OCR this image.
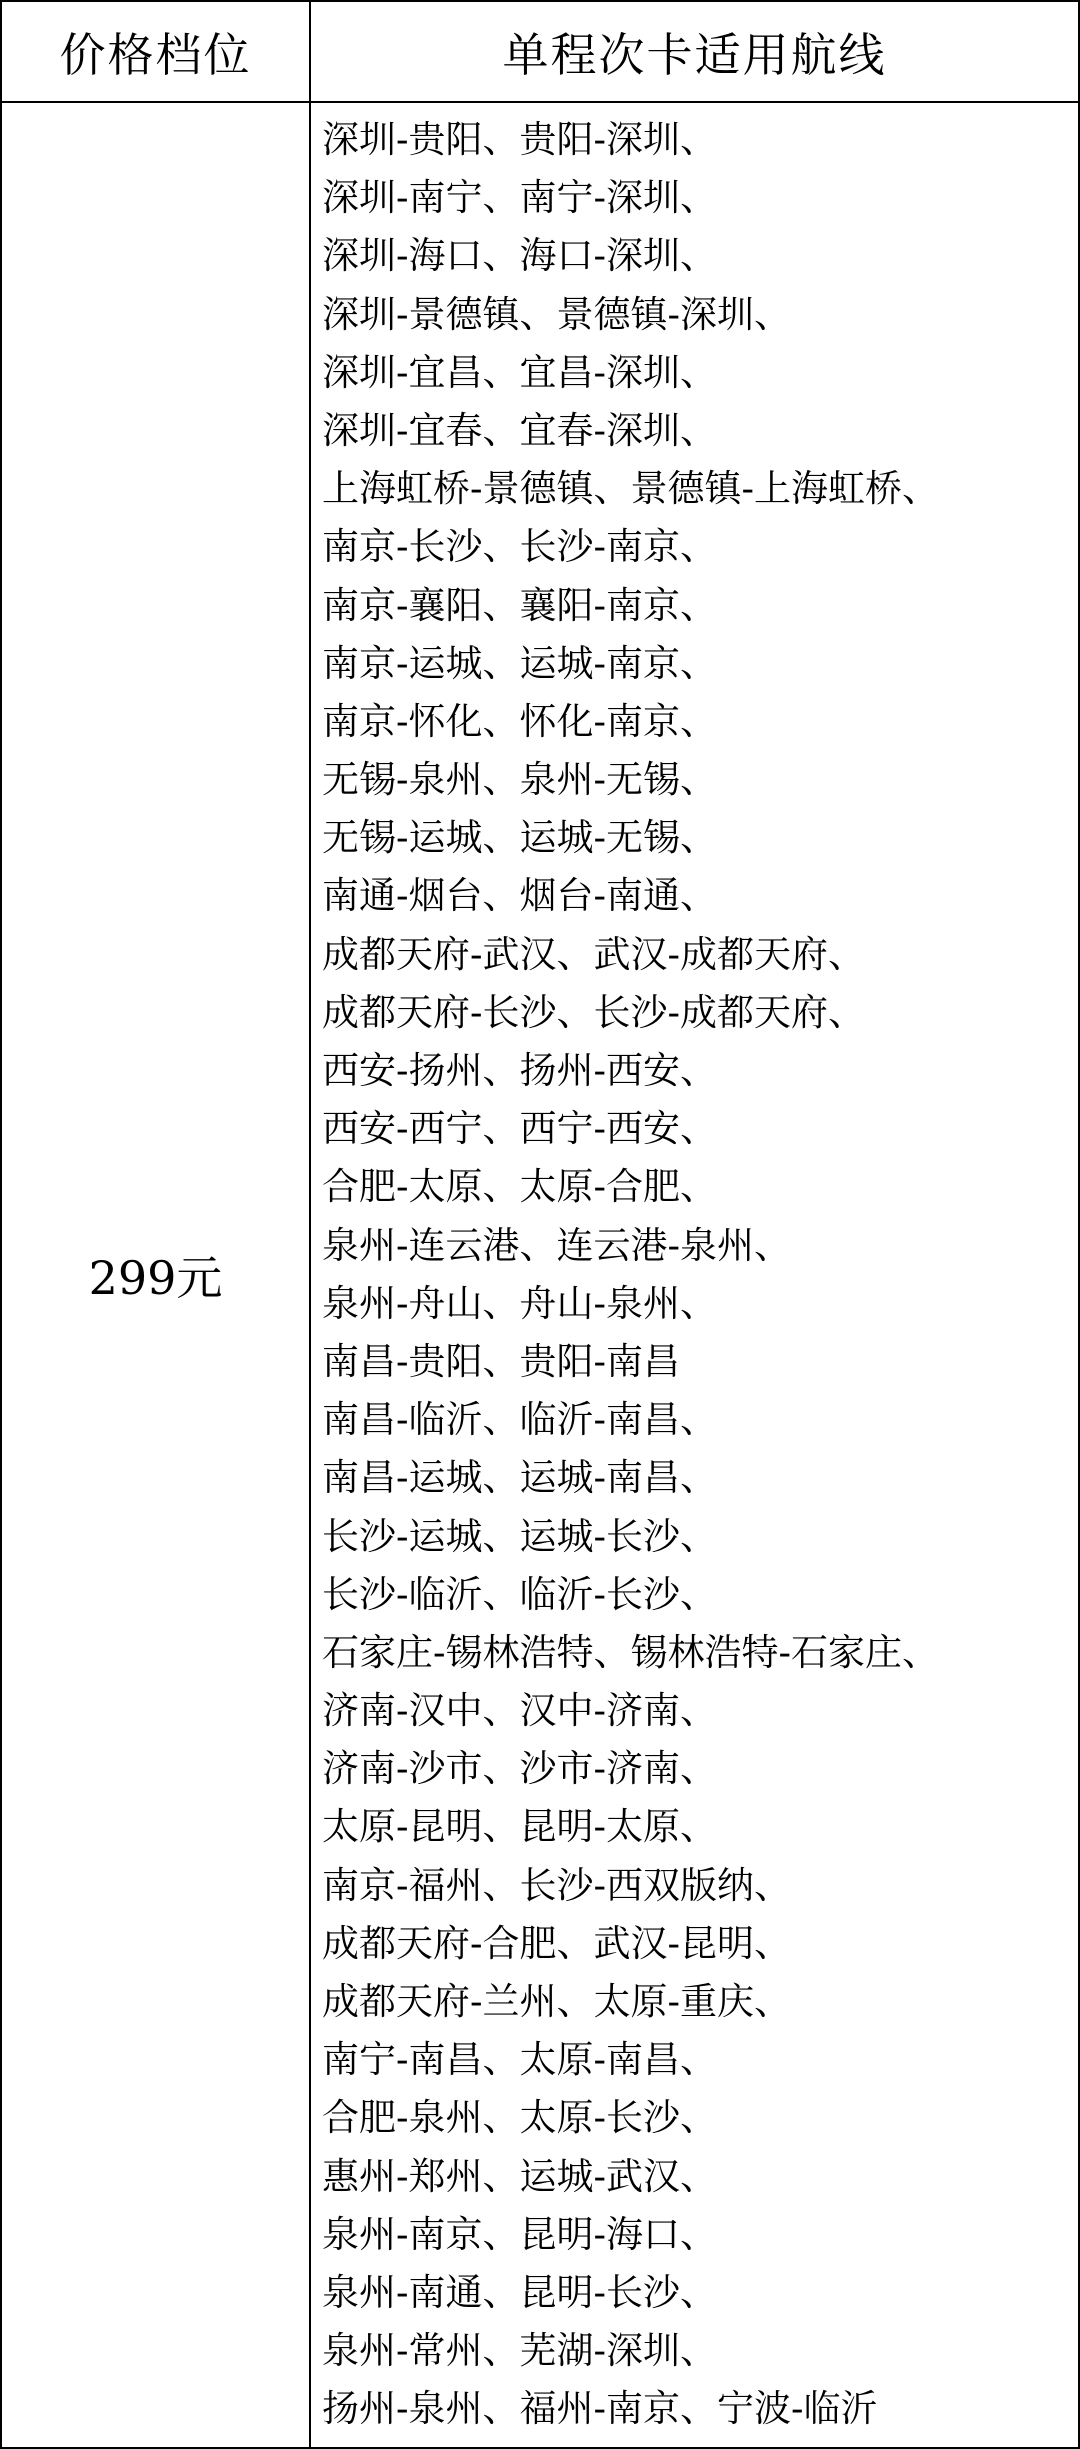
价格档位	单程次卡适用航线
299元
深圳-贵阳、贵阳-深圳、
深圳-南宁、南宁-深圳、
深圳-海口、海口-深圳、
深圳-景德镇、景德镇-深圳、
深圳-宜昌、宜昌-深圳、
深圳-宜春、宜春-深圳、
上海虹桥-景德镇、景德镇-上海虹桥、
南京-长沙、长沙-南京、
南京-襄阳、襄阳-南京、
南京-运城、运城-南京、
南京-怀化、怀化-南京、
无锡-泉州、泉州-无锡、
无锡-运城、运城-无锡、
南通-烟台、烟台-南通、
成都天府-武汉、武汉-成都天府、
成都天府-长沙、长沙-成都天府、
西安-扬州、扬州-西安、
西安-西宁、西宁-西安、
合肥-太原、太原-合肥、
泉州-连云港、连云港-泉州、
泉州-舟山、舟山-泉州、
南昌-贵阳、贵阳-南昌
南昌-临沂、临沂-南昌、
南昌-运城、运城-南昌、
长沙-运城、运城-长沙、
长沙-临沂、临沂-长沙、
石家庄-锡林浩特、锡林浩特-石家庄、
济南-汉中、汉中-济南、
济南-沙市、沙市-济南、
太原-昆明、昆明-太原、
南京-福州、长沙-西双版纳、
成都天府-合肥、武汉-昆明、
成都天府-兰州、太原-重庆、
南宁-南昌、太原-南昌、
合肥-泉州、太原-长沙、
惠州-郑州、运城-武汉、
泉州-南京、昆明-海口、
泉州-南通、昆明-长沙、
泉州-常州、芜湖-深圳、
扬州-泉州、福州-南京、宁波-临沂
